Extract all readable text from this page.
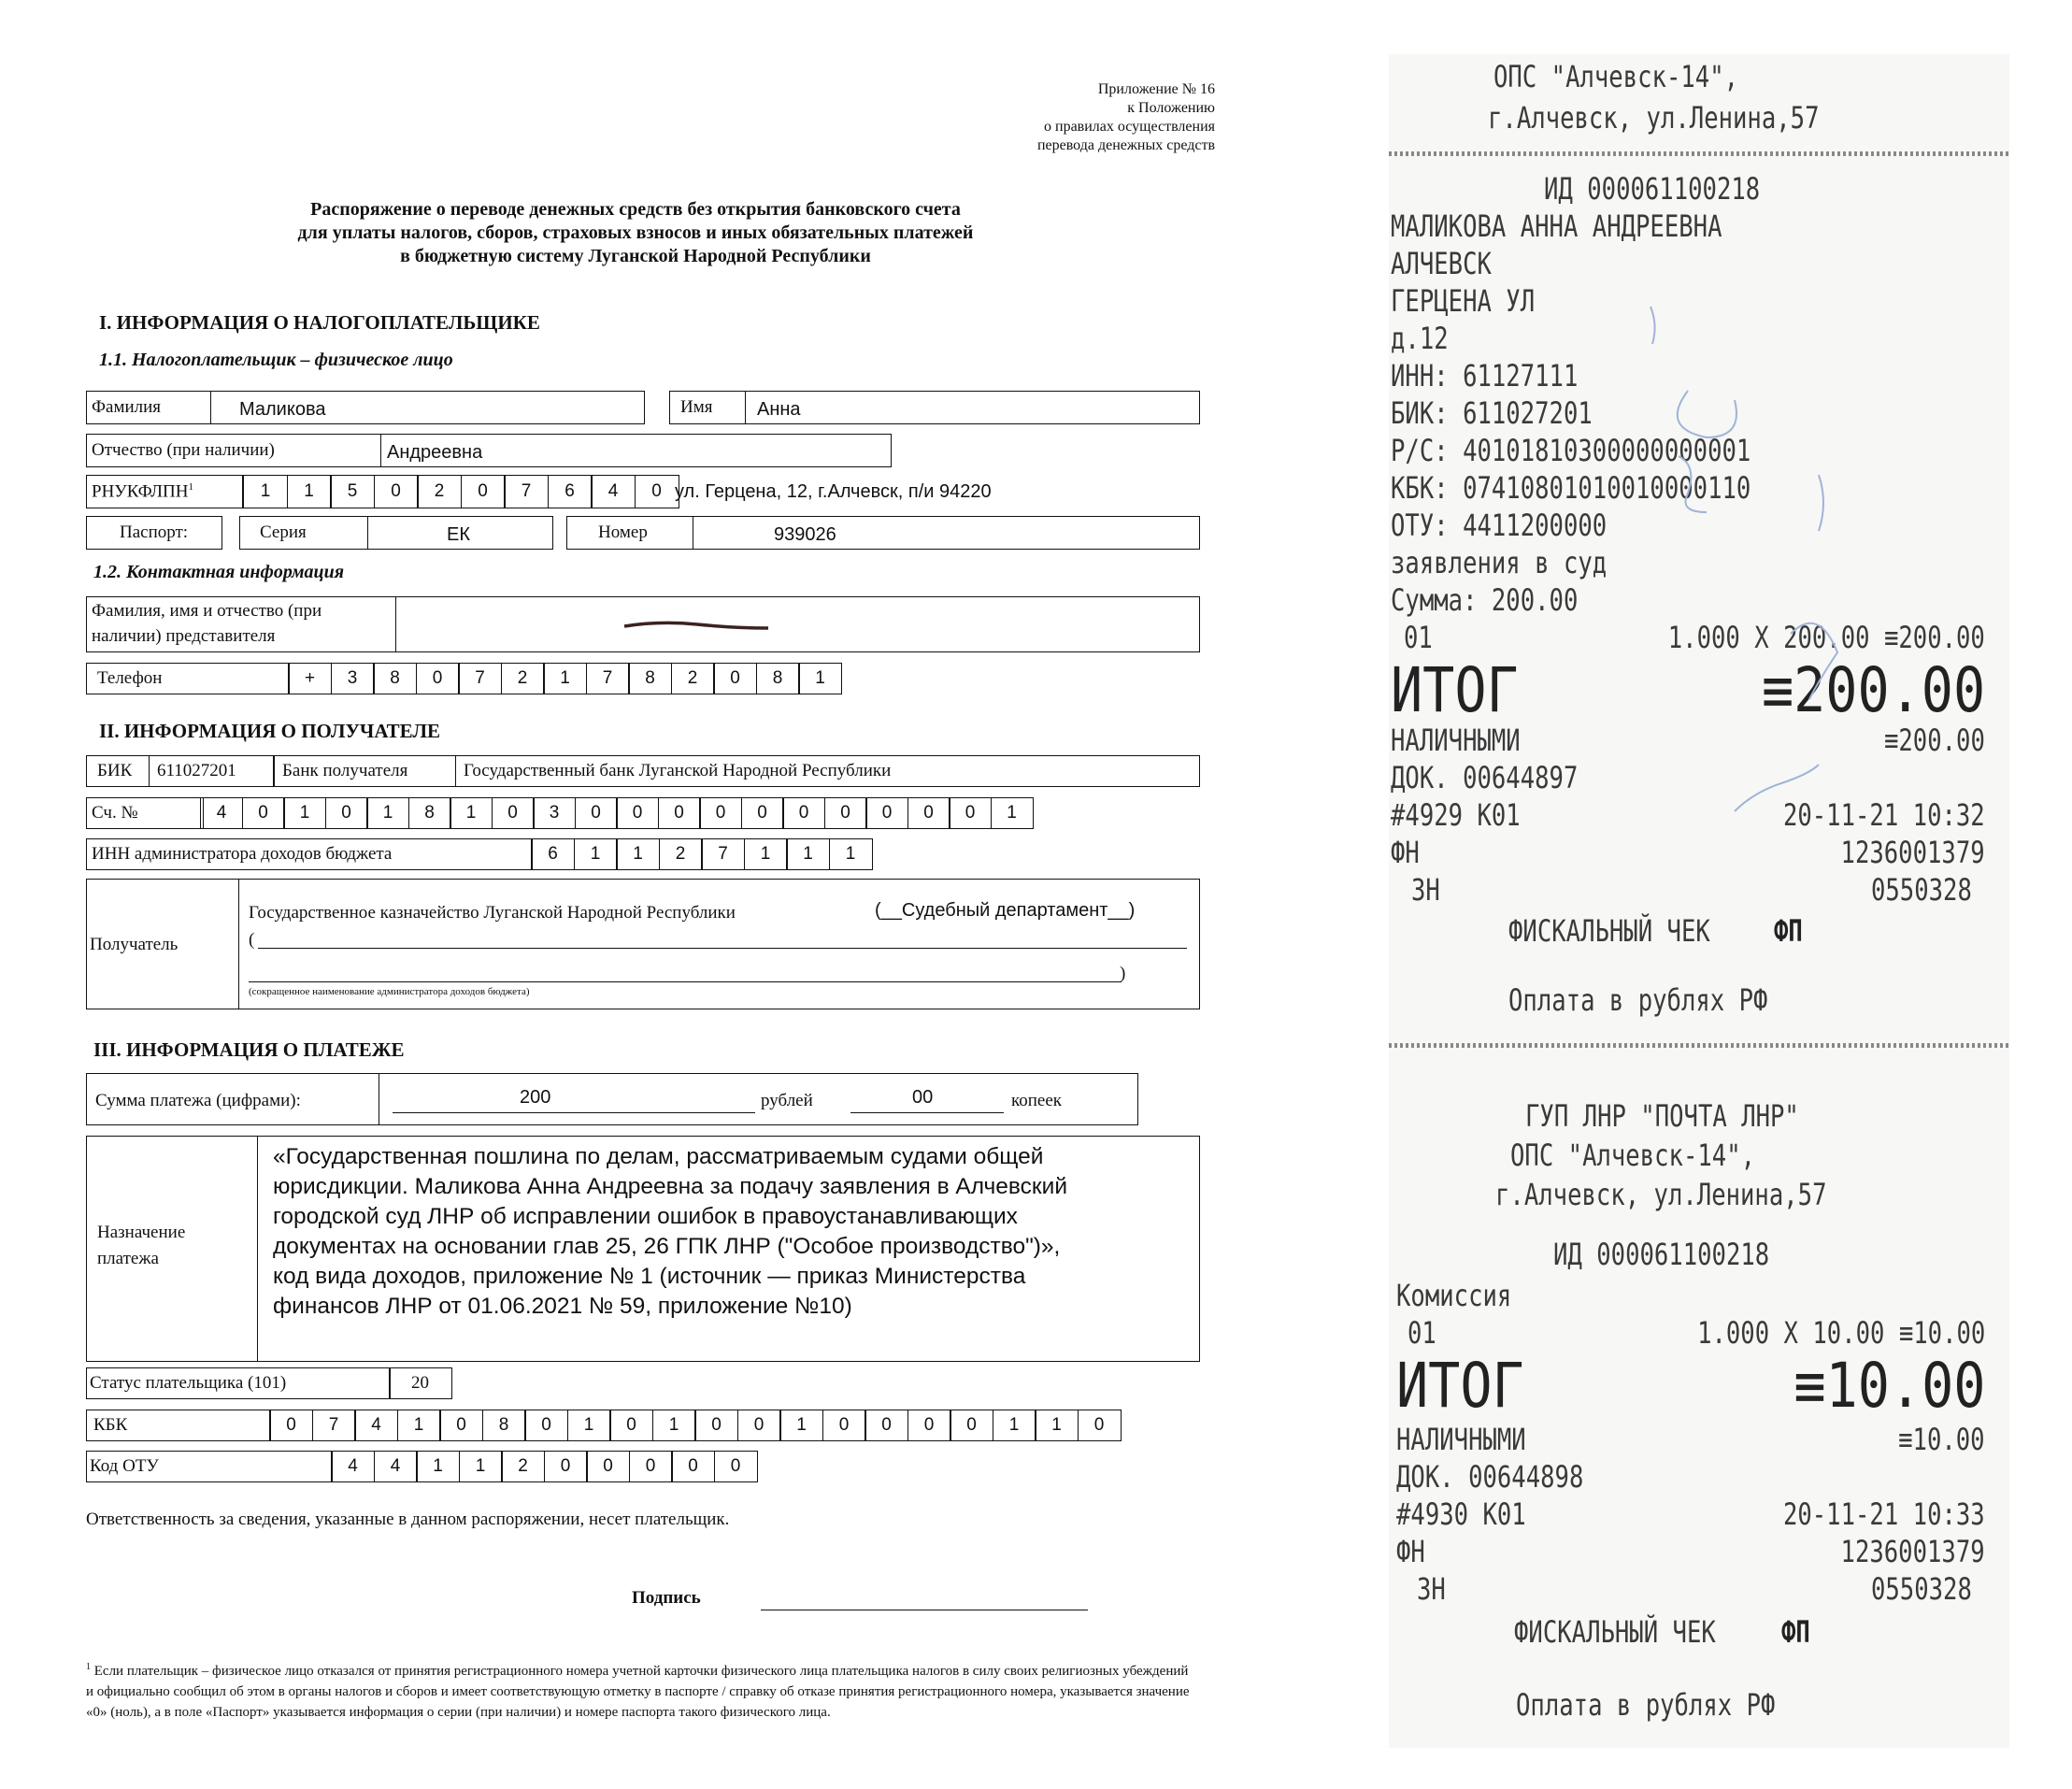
Приложение № 16
к Положению
о правилах осуществления
перевода денежных средств
Распоряжение о переводе денежных средств без открытия банковского счета
для уплаты налогов, сборов, страховых взносов и иных обязательных платежей
в бюджетную систему Луганской Народной Республики
I. ИНФОРМАЦИЯ О НАЛОГОПЛАТЕЛЬЩИКЕ
1.1. Налогоплательщик – физическое лицо
Фамилия	Маликова	Имя Анна
Отчество (при наличии)	Андреевна
РНУКФЛПН$^1$	1	1	5	0	2	0	7	6	4	0 ул. Герцена, 12, г.Алчевск, п/и 94220
Паспорт:	Серия	ЕК	Номер	939026
1.2. Контактная информация
Фамилия, имя и отчество (при
наличии) представителя
Телефон	+	3	8	0	7	2	1	7	8	2	0	8	1
II. ИНФОРМАЦИЯ О ПОЛУЧАТЕЛЕ
БИК 611027201	Банк получателя	Государственный банк Луганской Народной Республики
Сч. №	4	0	1	0	1	8	1	0	3	0	0	0	0	0	0	0	0	0	0	1
ИНН администратора доходов бюджета	6	1	1	2	7	1	1	1
Получатель
Государственное казначейство Луганской Народной Республики	(__Судебный департамент__)
(
)
(сокращенное наименование администратора доходов бюджета)
III. ИНФОРМАЦИЯ О ПЛАТЕЖЕ
Сумма платежа (цифрами):	200	рублей	00	копеек
Назначение
платежа
«Государственная пошлина по делам, рассматриваемым судами общей
юрисдикции. Маликова Анна Андреевна за подачу заявления в Алчевский
городской суд ЛНР об исправлении ошибок в правоустанавливающих
документах на основании глав 25, 26 ГПК ЛНР ("Особое производство")»,
код вида доходов, приложение № 1 (источник — приказ Министерства
финансов ЛНР от 01.06.2021 № 59, приложение №10)
Статус плательщика (101)	20
КБК	0	7	4	1	0	8	0	1	0	1	0	0	1	0	0	0	0	1	1	0
Код ОТУ	4	4	1	1	2	0	0	0	0	0
Ответственность за сведения, указанные в данном распоряжении, несет плательщик.
Подпись
$^1$ Если плательщик – физическое лицо отказался от принятия регистрационного номера учетной карточки физического лица плательщика налогов в силу своих религиозных убеждений и официально сообщил об этом в органы налогов и сборов и имеет соответствующую отметку в паспорте / справку об отказе принятия регистрационного номера, указывается значение «0» (ноль), а в поле «Паспорт» указывается информация о серии (при наличии) и номере паспорта такого физического лица.
ОПС "Алчевск-14",
г.Алчевск, ул.Ленина,57
ИД 000061100218
МАЛИКОВА АННА АНДРЕЕВНА
АЛЧЕВСК
ГЕРЦЕНА УЛ
д.12
ИНН: 61127111
БИК: 611027201
Р/С: 40101810300000000001
КБК: 07410801010010000110
ОТУ: 4411200000
заявления в суд
Сумма: 200.00
01	1.000 X 200.00 ≡200.00
ИТОГ	≡200.00
НАЛИЧНЫМИ	≡200.00
ДОК. 00644897
#4929 К01	20-11-21 10:32
ФН	1236001379
ЗН	0550328
ФИСКАЛЬНЫЙ ЧЕК ФП
Оплата в рублях РФ
ГУП ЛНР "ПОЧТА ЛНР"
ОПС "Алчевск-14",
г.Алчевск, ул.Ленина,57
ИД 000061100218
Комиссия
01	1.000 X 10.00 ≡10.00
ИТОГ	≡10.00
НАЛИЧНЫМИ	≡10.00
ДОК. 00644898
#4930 К01	20-11-21 10:33
ФН	1236001379
ЗН	0550328
ФИСКАЛЬНЫЙ ЧЕК ФП
Оплата в рублях РФ
